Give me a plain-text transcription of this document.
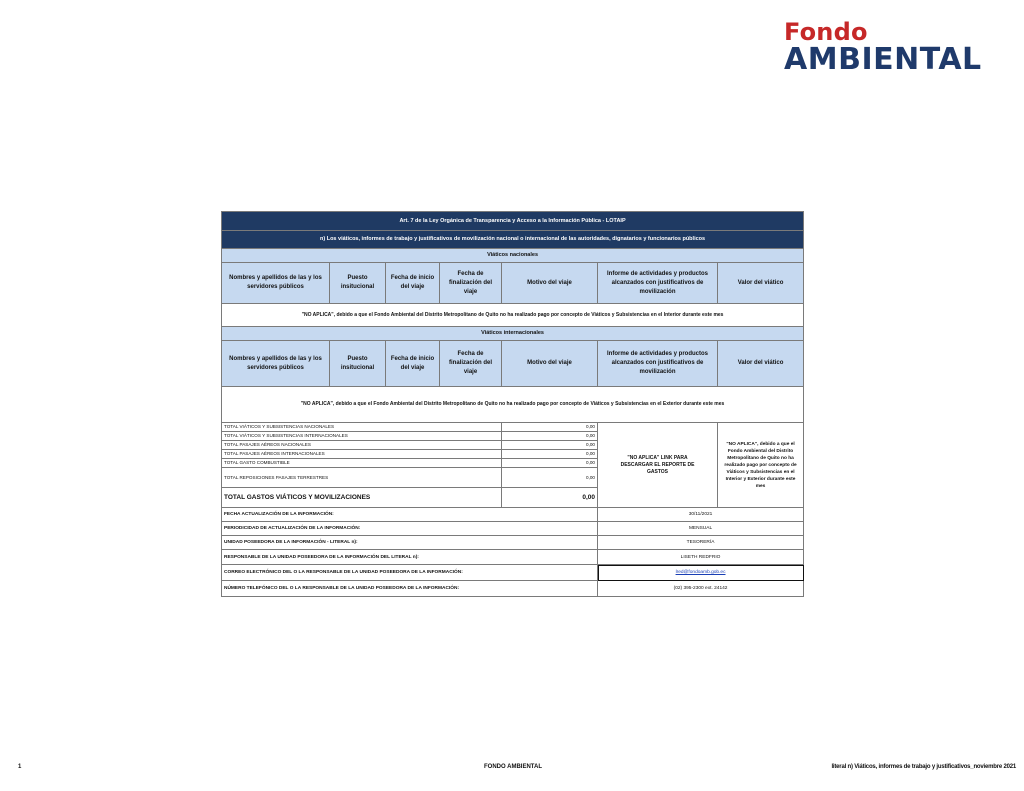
Fondo
AMBIENTAL
Art. 7 de la Ley Orgánica de Transparencia y Acceso a la Información Pública - LOTAIP						
n) Los viáticos, informes de trabajo y justificativos de movilización nacional o internacional de las autoridades, dignatarios y funcionarios públicos						
Viáticos nacionales						
Nombres y apellidos de las y los servidores públicos	Puesto insitucional	Fecha de inicio del viaje	Fecha de finalización del viaje	Motivo del viaje	Informe de actividades y productos alcanzados con justificativos de movilización	Valor del viático
"NO APLICA", debido a que el Fondo Ambiental del Distrito Metropolitano de Quito no ha realizado pago por concepto de Viáticos y Subsistencias en el Interior durante este mes						
Viáticos internacionales						
Nombres y apellidos de las y los servidores públicos	Puesto insitucional	Fecha de inicio del viaje	Fecha de finalización del viaje	Motivo del viaje	Informe de actividades y productos alcanzados con justificativos de movilización	Valor del viático
"NO APLICA", debido a que el Fondo Ambiental del Distrito Metropolitano de Quito no ha realizado pago por concepto de Viáticos y Subsistencias en el Exterior durante este mes						
TOTAL VIÁTICOS Y SUBSISTENCIAS NACIONALES				0,00	"NO APLICA" LINK PARA DESCARGAR EL REPORTE DE GASTOS	"NO APLICA", debido a que el Fondo Ambiental del Distrito Metropolitano de Quito no ha realizado pago por concepto de Viáticos y Subsistencias en el Interior y Exterior durante este mes
TOTAL VIÁTICOS Y SUBSISTENCIAS INTERNACIONALES				0,00		
TOTAL PASAJES AÉREOS NACIONALES				0,00		
TOTAL PASAJES AÉREOS INTERNACIONALES				0,00		
TOTAL GASTO COMBUSTIBLE				0,00		
TOTAL REPOSICIONES PASAJES TERRESTRES				0,00		
TOTAL GASTOS VIÁTICOS Y MOVILIZACIONES				0,00		
FECHA ACTUALIZACIÓN DE LA INFORMACIÓN:					30/11/2021	
PERIODICIDAD DE ACTUALIZACIÓN DE LA INFORMACIÓN:					MENSUAL	
UNIDAD POSEEDORA DE LA INFORMACIÓN - LITERAL n):					TESORERÍA	
RESPONSABLE DE LA UNIDAD POSEEDORA DE LA INFORMACIÓN DEL LITERAL n):					LISETH REDFRIO	
CORREO ELECTRÓNICO DEL O LA RESPONSABLE DE LA UNIDAD POSEEDORA DE LA INFORMACIÓN:					lred@fondoamb.gob.ec	
NÚMERO TELEFÓNICO DEL O LA RESPONSABLE DE LA UNIDAD POSEEDORA DE LA INFORMACIÓN:					(02) 395-2300 ext. 24142	
1	FONDO AMBIENTAL	literal n) Viáticos, informes de trabajo y justificativos_noviembre 2021
